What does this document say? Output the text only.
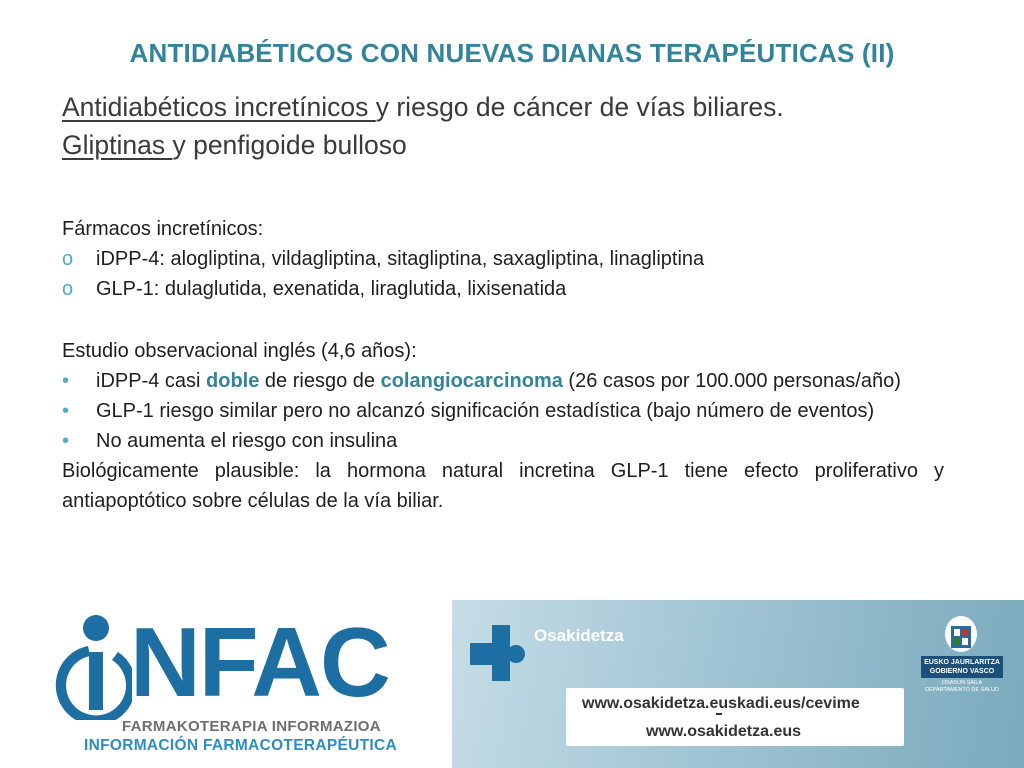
ANTIDIABÉTICOS CON NUEVAS DIANAS TERAPÉUTICAS (II)
Antidiabéticos incretínicos y riesgo de cáncer de vías biliares.
Gliptinas y penfigoide bulloso

Fármacos incretínicos:

o iDPP-4: alogliptina, vildagliptina, sitagliptina, saxagliptina, linagliptina
o GLP-1: dulaglutida, exenatida, liraglutida, lixisenatida

Estudio observacional inglés (4,6 años):

• iDPP-4 casi doble de riesgo de colangiocarcinoma (26 casos por 100.000 personas/año)
• GLP-1 riesgo similar pero no alcanzó significación estadística (bajo número de eventos)
• No aumenta el riesgo con insulina

Biológicamente plausible: la hormona natural incretina GLP-1 tiene efecto proliferativo y antiapoptótico sobre células de la vía biliar.

NFAC
FARMAKOTERAPIA INFORMAZIOA
INFORMACIÓN FARMACOTERAPÉUTICA
Osakidetza
www.osakidetza.euskadi.eus/cevime
www.osakidetza.eus
EUSKO JAURLARITZA GOBIERNO VASCO
OSASUN SAILA DEPARTAMENTO DE SALUD
